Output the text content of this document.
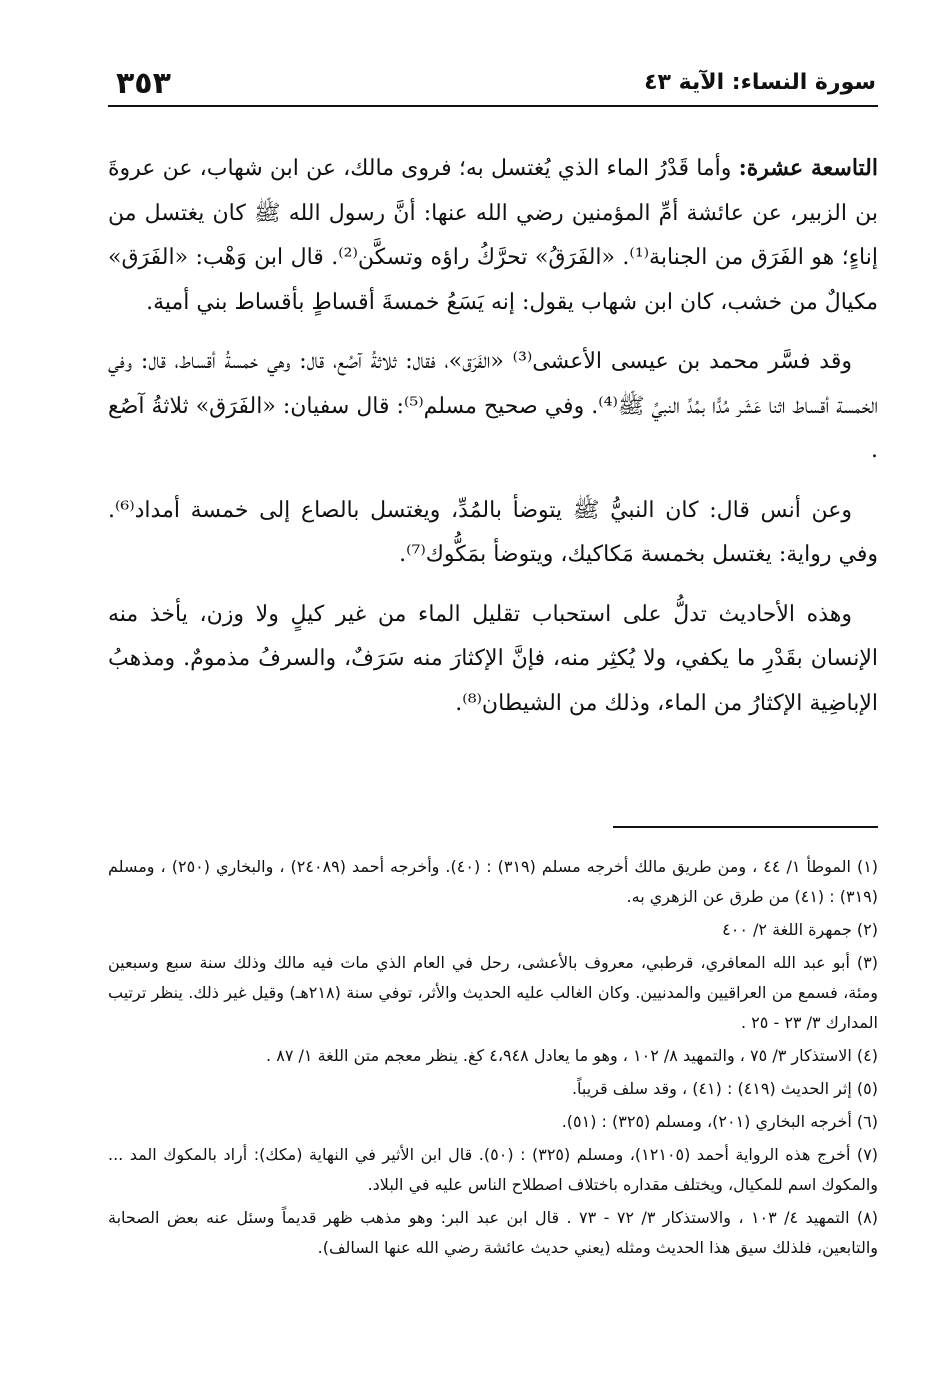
سورة النساء: الآية ٤٣
٣٥٣

التاسعة عشرة: وأما قَدْرُ الماء الذي يُغتسل به؛ فروى مالك، عن ابن شهاب، عن عروةَ بن الزبير، عن عائشة أمِّ المؤمنين رضي الله عنها: أنَّ رسول الله ﷺ كان يغتسل من إناءٍ؛ هو الفَرَق من الجنابة⁽¹⁾. «الفَرَقُ» تحرَّكُ راؤه وتسكَّن⁽²⁾. قال ابن وَهْب: «الفَرَق» مكيالٌ من خشب، كان ابن شهاب يقول: إنه يَسَعُ خمسةَ أقساطٍ بأقساط بني أمية.

وقد فسَّر محمد بن عيسى الأعشى⁽³⁾ «الفَرَق»، فقال: ثلاثةُ آصُع، قال: وهي خمسةُ أقساط، قال: وفي الخمسة أقساط اثنا عَشَر مُدًّا بمُدِّ النبيِّ ﷺ⁽⁴⁾. وفي صحيح مسلم⁽⁵⁾: قال سفيان: «الفَرَق» ثلاثةُ آصُع .

وعن أنس قال: كان النبيُّ ﷺ يتوضأ بالمُدِّ، ويغتسل بالصاع إلى خمسة أمداد⁽⁶⁾. وفي رواية: يغتسل بخمسة مَكاكيك، ويتوضأ بمَكُّوك⁽⁷⁾.

وهذه الأحاديث تدلُّ على استحباب تقليل الماء من غير كيلٍ ولا وزن، يأخذ منه الإنسان بقَدْرِ ما يكفي، ولا يُكثِر منه، فإنَّ الإكثارَ منه سَرَفٌ، والسرفُ مذمومٌ. ومذهبُ الإباضِية الإكثارُ من الماء، وذلك من الشيطان⁽⁸⁾.

(١) الموطأ ١/ ٤٤ ، ومن طريق مالك أخرجه مسلم (٣١٩) : (٤٠). وأخرجه أحمد (٢٤٠٨٩) ، والبخاري (٢٥٠) ، ومسلم (٣١٩) : (٤١) من طرق عن الزهري به.
(٢) جمهرة اللغة ٢/ ٤٠٠
(٣) أبو عبد الله المعافري، قرطبي، معروف بالأعشى، رحل في العام الذي مات فيه مالك وذلك سنة سبع وسبعين ومئة، فسمع من العراقيين والمدنيين. وكان الغالب عليه الحديث والأثر، توفي سنة (٢١٨هـ) وقيل غير ذلك. ينظر ترتيب المدارك ٣/ ٢٣ - ٢٥ .
(٤) الاستذكار ٣/ ٧٥ ، والتمهيد ٨/ ١٠٢ ، وهو ما يعادل ٤،٩٤٨ كغ. ينظر معجم متن اللغة ١/ ٨٧ .
(٥) إثر الحديث (٤١٩) : (٤١) ، وقد سلف قريباً.
(٦) أخرجه البخاري (٢٠١)، ومسلم (٣٢٥) : (٥١).
(٧) أخرج هذه الرواية أحمد (١٢١٠٥)، ومسلم (٣٢٥) : (٥٠). قال ابن الأثير في النهاية (مكك): أراد بالمكوك المد ... والمكوك اسم للمكيال، ويختلف مقداره باختلاف اصطلاح الناس عليه في البلاد.
(٨) التمهيد ٤/ ١٠٣ ، والاستذكار ٣/ ٧٢ - ٧٣ . قال ابن عبد البر: وهو مذهب ظهر قديماً وسئل عنه بعض الصحابة والتابعين، فلذلك سيق هذا الحديث ومثله (يعني حديث عائشة رضي الله عنها السالف).
